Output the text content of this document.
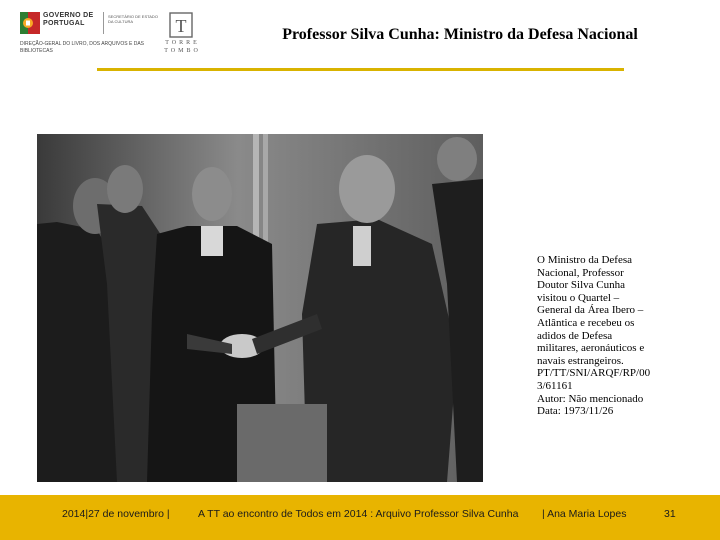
GOVERNO DE PORTUGAL
SECRETÁRIO DE ESTADO DA CULTURA
DIREÇÃO-GERAL DO LIVRO, DOS ARQUIVOS E DAS BIBLIOTECAS
T
TORRE
TOMBO
Professor Silva Cunha: Ministro da Defesa Nacional
O Ministro da Defesa
Nacional, Professor
Doutor Silva Cunha
visitou o Quartel –
General da Área Ibero –
Atlântica e recebeu os
adidos de Defesa
militares, aeronáuticos e
navais estrangeiros.
PT/TT/SNI/ARQF/RP/00
3/61161
Autor: Não mencionado
Data: 1973/11/26
2014|27 de novembro |	A TT ao encontro de Todos em 2014 : Arquivo Professor Silva Cunha | Ana Maria Lopes	31
